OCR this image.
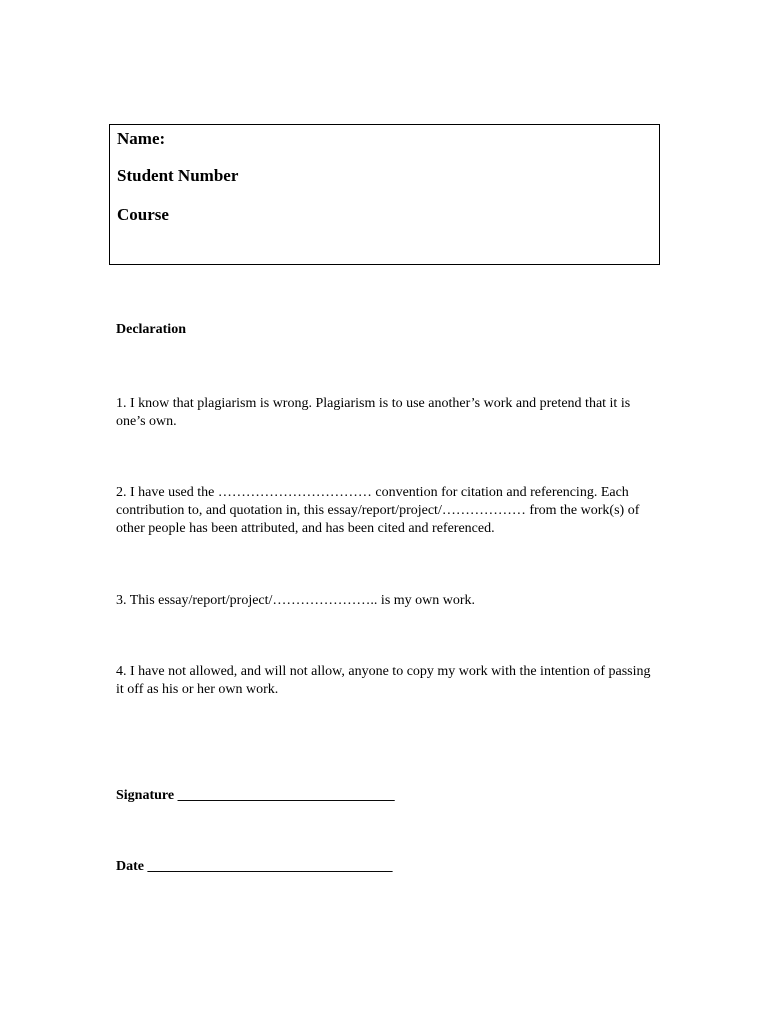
Name:
Student Number
Course
Declaration

1. I know that plagiarism is wrong. Plagiarism is to use another’s work and pretend that it is one’s own.

2. I have used the …………………………… convention for citation and referencing. Each contribution to, and quotation in, this essay/report/project/……………… from the work(s) of other people has been attributed, and has been cited and referenced.

3. This essay/report/project/………………….. is my own work.

4. I have not allowed, and will not allow, anyone to copy my work with the intention of passing it off as his or her own work.

Signature _______________________________
Date ___________________________________
